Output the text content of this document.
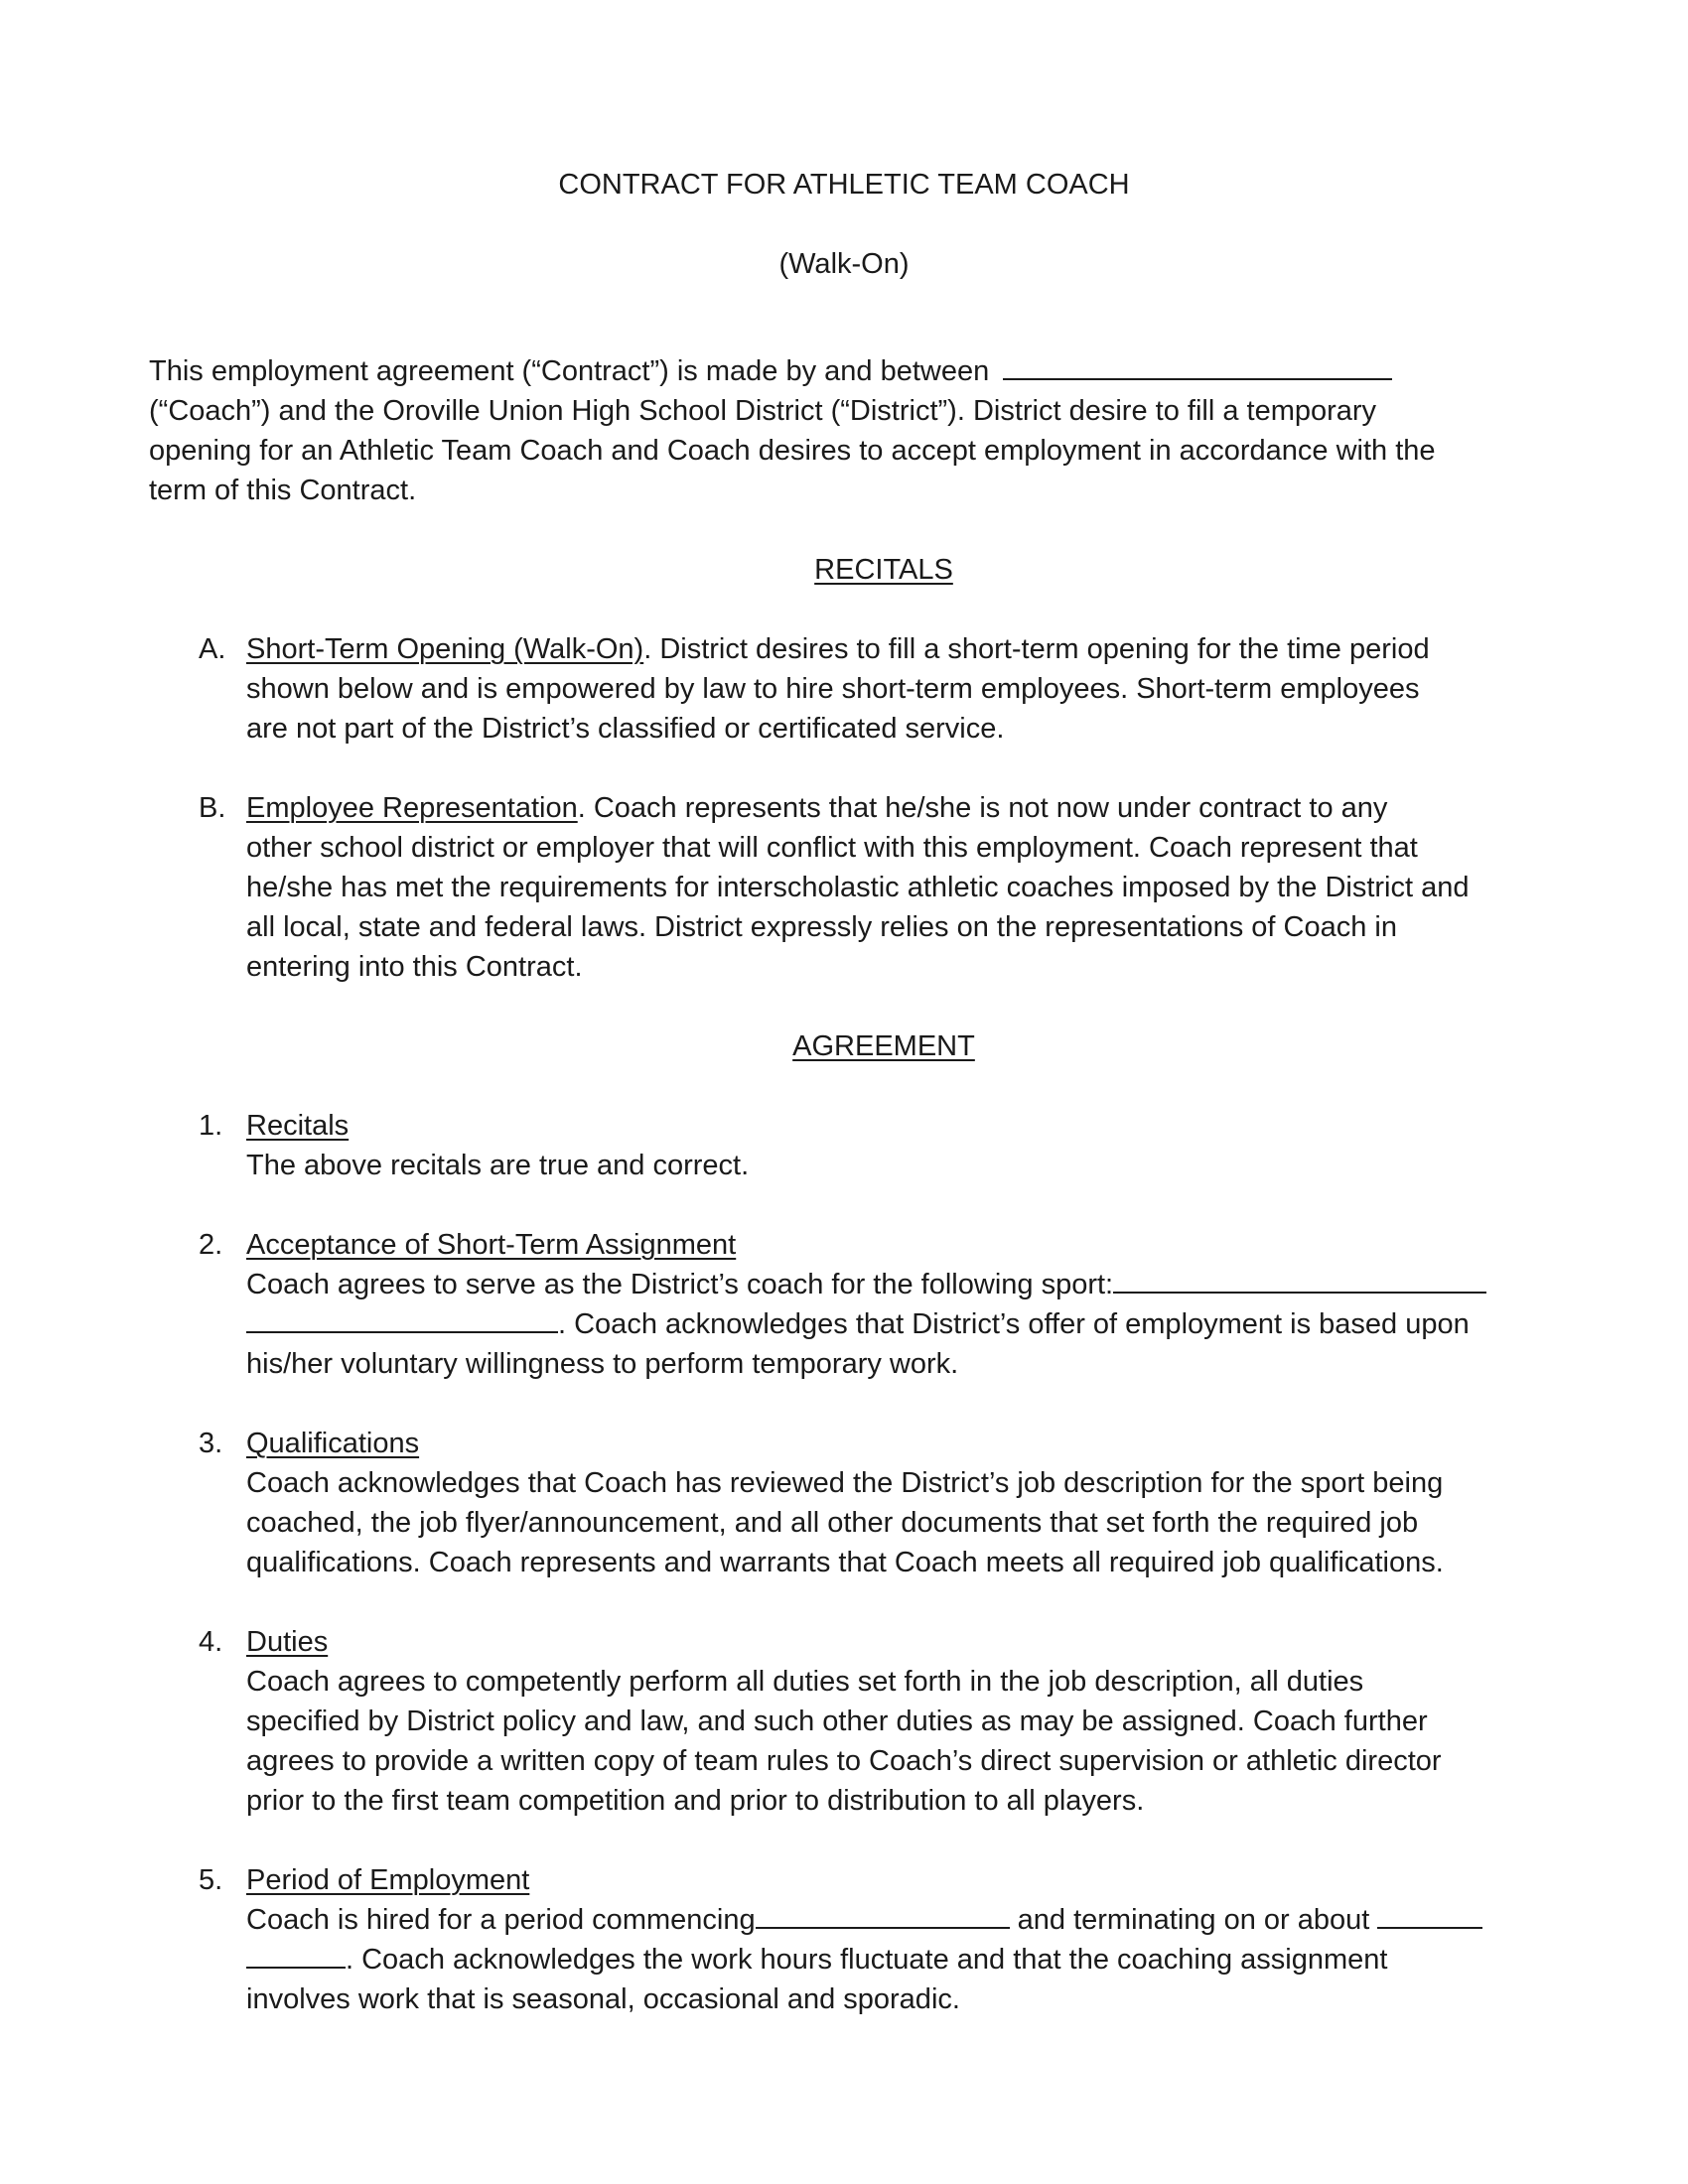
CONTRACT FOR ATHLETIC TEAM COACH
(Walk-On)
This employment agreement (“Contract”) is made by and between
(“Coach”) and the Oroville Union High School District (“District”). District desire to fill a temporary
opening for an Athletic Team Coach and Coach desires to accept employment in accordance with the
term of this Contract.
RECITALS
A. Short-Term Opening (Walk-On). District desires to fill a short-term opening for the time period
shown below and is empowered by law to hire short-term employees. Short-term employees
are not part of the District’s classified or certificated service.
B. Employee Representation. Coach represents that he/she is not now under contract to any
other school district or employer that will conflict with this employment. Coach represent that
he/she has met the requirements for interscholastic athletic coaches imposed by the District and
all local, state and federal laws. District expressly relies on the representations of Coach in
entering into this Contract.
AGREEMENT
1. Recitals
The above recitals are true and correct.
2. Acceptance of Short-Term Assignment
Coach agrees to serve as the District’s coach for the following sport:
. Coach acknowledges that District’s offer of employment is based upon
his/her voluntary willingness to perform temporary work.
3. Qualifications
Coach acknowledges that Coach has reviewed the District’s job description for the sport being
coached, the job flyer/announcement, and all other documents that set forth the required job
qualifications. Coach represents and warrants that Coach meets all required job qualifications.
4. Duties
Coach agrees to competently perform all duties set forth in the job description, all duties
specified by District policy and law, and such other duties as may be assigned. Coach further
agrees to provide a written copy of team rules to Coach’s direct supervision or athletic director
prior to the first team competition and prior to distribution to all players.
5. Period of Employment
Coach is hired for a period commencing	and terminating on or about
. Coach acknowledges the work hours fluctuate and that the coaching assignment
involves work that is seasonal, occasional and sporadic.
